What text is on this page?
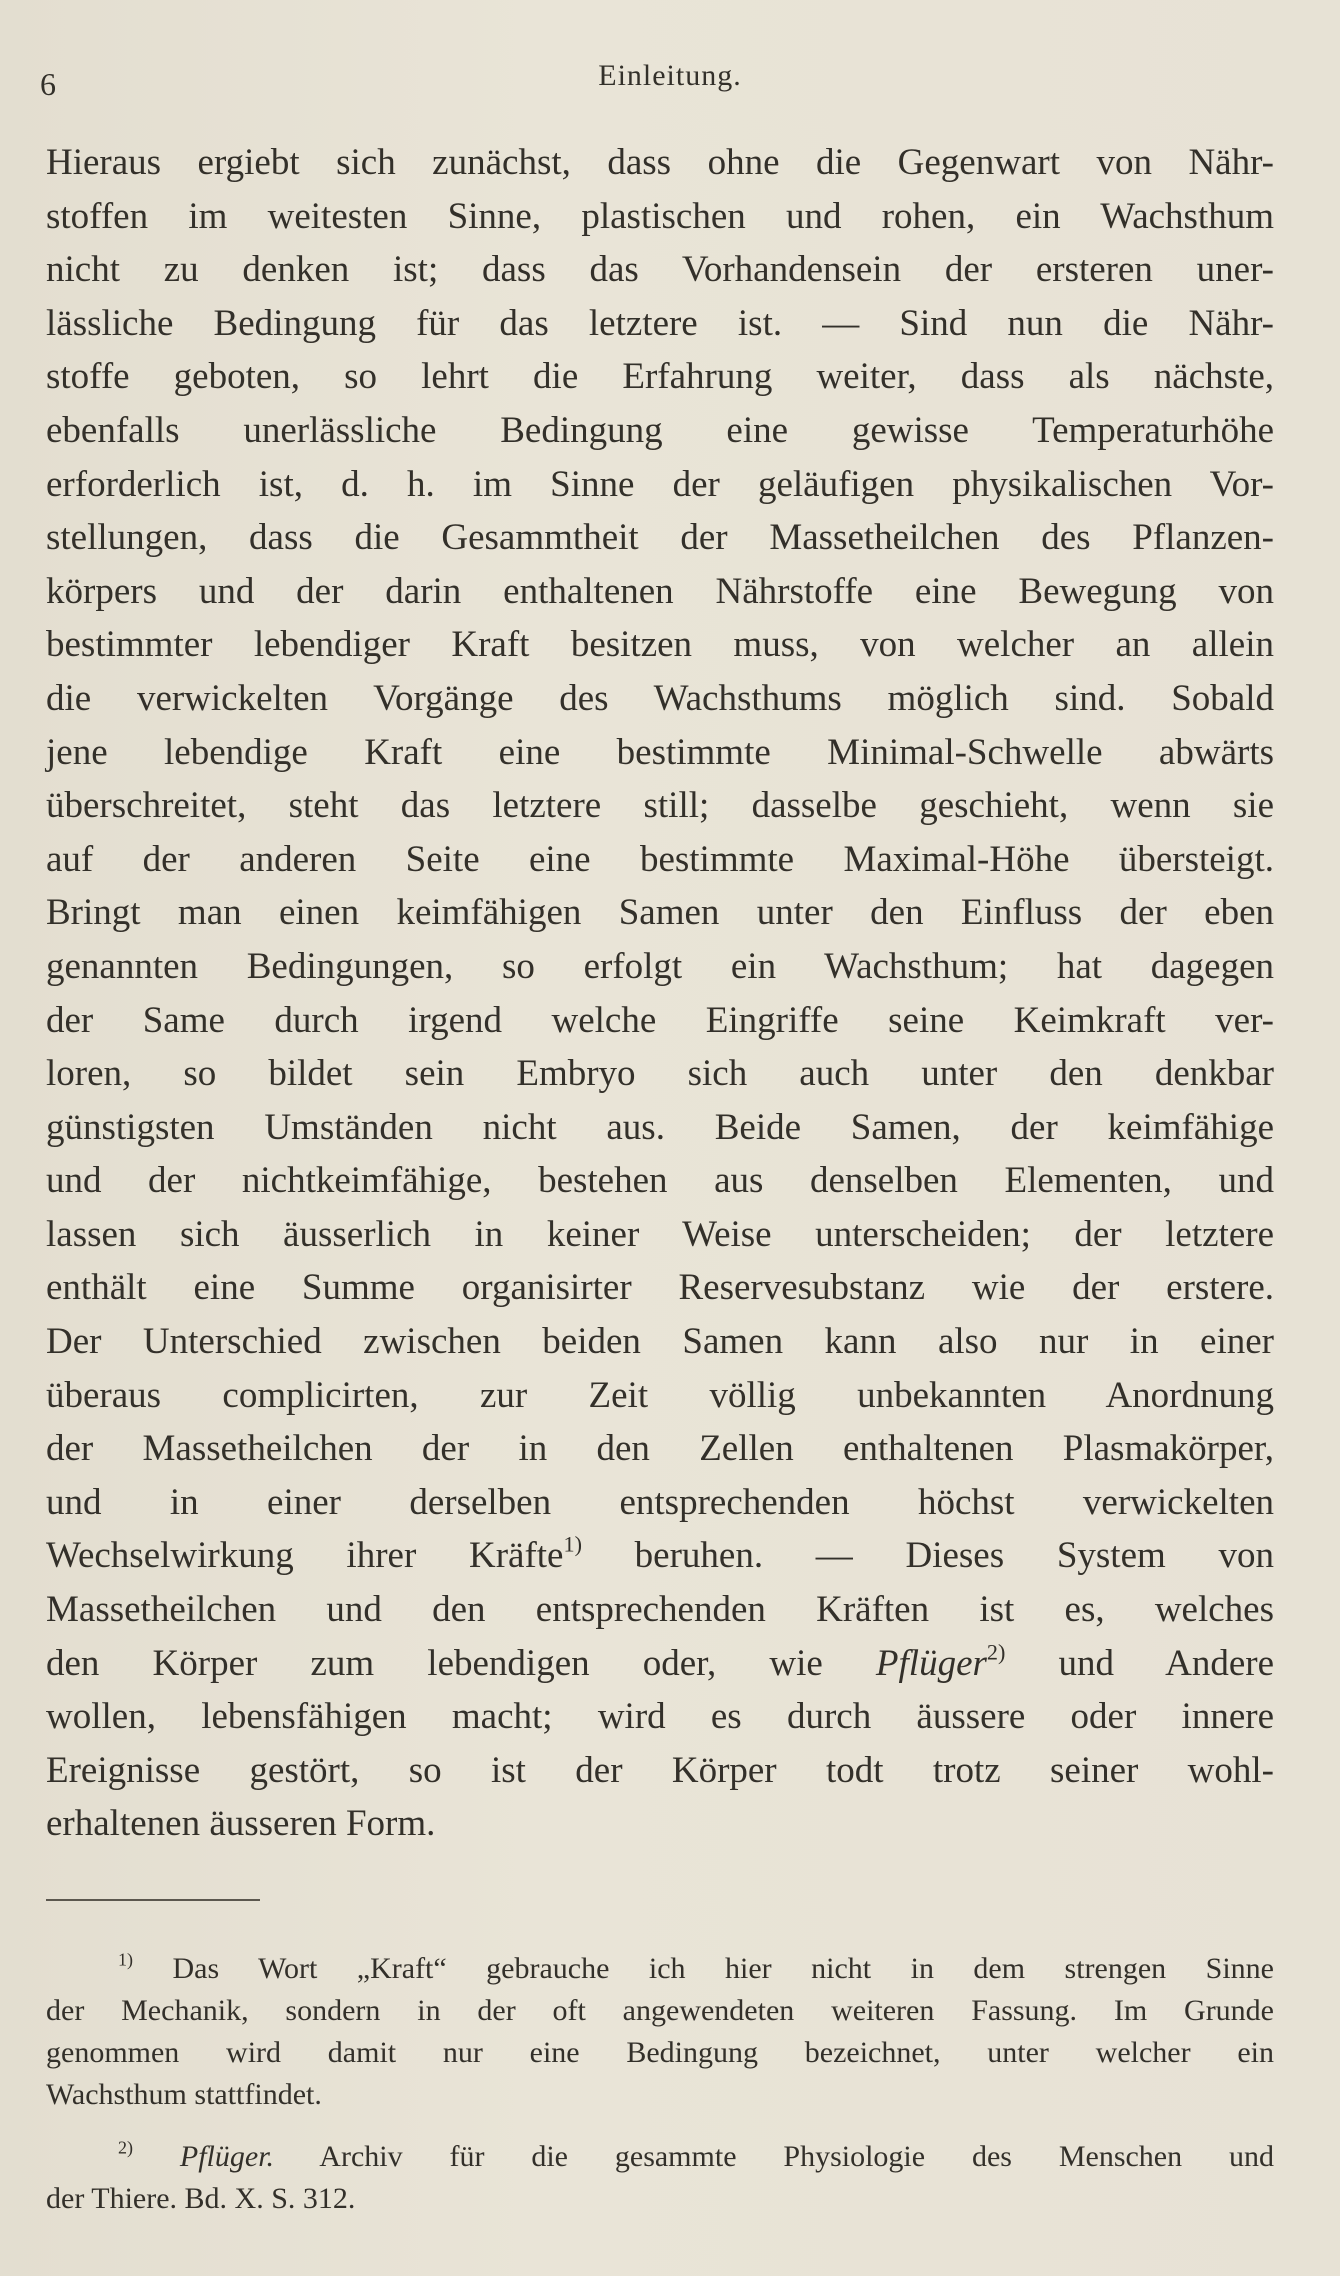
6	Einleitung.
Hieraus ergiebt sich zunächst, dass ohne die Gegenwart von Nähr-
stoffen im weitesten Sinne, plastischen und rohen, ein Wachsthum
nicht zu denken ist; dass das Vorhandensein der ersteren uner-
lässliche Bedingung für das letztere ist. — Sind nun die Nähr-
stoffe geboten, so lehrt die Erfahrung weiter, dass als nächste,
ebenfalls unerlässliche Bedingung eine gewisse Temperaturhöhe
erforderlich ist, d. h. im Sinne der geläufigen physikalischen Vor-
stellungen, dass die Gesammtheit der Massetheilchen des Pflanzen-
körpers und der darin enthaltenen Nährstoffe eine Bewegung von
bestimmter lebendiger Kraft besitzen muss, von welcher an allein
die verwickelten Vorgänge des Wachsthums möglich sind. Sobald
jene lebendige Kraft eine bestimmte Minimal-Schwelle abwärts
überschreitet, steht das letztere still; dasselbe geschieht, wenn sie
auf der anderen Seite eine bestimmte Maximal-Höhe übersteigt.
Bringt man einen keimfähigen Samen unter den Einfluss der eben
genannten Bedingungen, so erfolgt ein Wachsthum; hat dagegen
der Same durch irgend welche Eingriffe seine Keimkraft ver-
loren, so bildet sein Embryo sich auch unter den denkbar
günstigsten Umständen nicht aus. Beide Samen, der keimfähige
und der nichtkeimfähige, bestehen aus denselben Elementen, und
lassen sich äusserlich in keiner Weise unterscheiden; der letztere
enthält eine Summe organisirter Reservesubstanz wie der erstere.
Der Unterschied zwischen beiden Samen kann also nur in einer
überaus complicirten, zur Zeit völlig unbekannten Anordnung
der Massetheilchen der in den Zellen enthaltenen Plasmakörper,
und in einer derselben entsprechenden höchst verwickelten
Wechselwirkung ihrer Kräfte$^{1)}$ beruhen. — Dieses System von
Massetheilchen und den entsprechenden Kräften ist es, welches
den Körper zum lebendigen oder, wie Pflüger$^{2)}$ und Andere
wollen, lebensfähigen macht; wird es durch äussere oder innere
Ereignisse gestört, so ist der Körper todt trotz seiner wohl-
erhaltenen äusseren Form.
$^{1)}$ Das Wort „Kraft“ gebrauche ich hier nicht in dem strengen Sinne
der Mechanik, sondern in der oft angewendeten weiteren Fassung. Im Grunde
genommen wird damit nur eine Bedingung bezeichnet, unter welcher ein
Wachsthum stattfindet.
$^{2)}$ Pflüger. Archiv für die gesammte Physiologie des Menschen und
der Thiere. Bd. X. S. 312.
